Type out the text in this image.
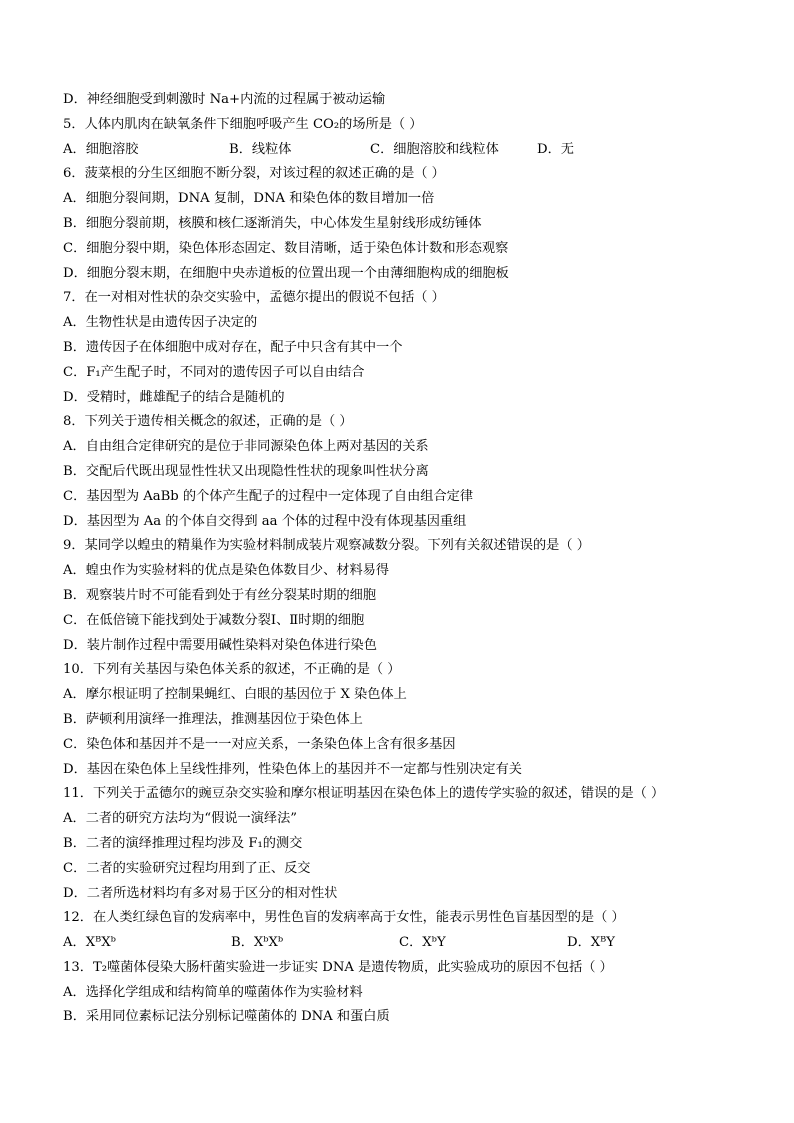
D．神经细胞受到刺激时 Na+内流的过程属于被动运输
5．人体内肌肉在缺氧条件下细胞呼吸产生 CO₂的场所是（ ）
A．细胞溶胶	B．线粒体	C．细胞溶胶和线粒体	D．无
6．菠菜根的分生区细胞不断分裂，对该过程的叙述正确的是（ ）
A．细胞分裂间期，DNA 复制，DNA 和染色体的数目增加一倍
B．细胞分裂前期，核膜和核仁逐渐消失，中心体发生星射线形成纺锤体
C．细胞分裂中期，染色体形态固定、数目清晰，适于染色体计数和形态观察
D．细胞分裂末期，在细胞中央赤道板的位置出现一个由薄细胞构成的细胞板
7．在一对相对性状的杂交实验中，孟德尔提出的假说不包括（ ）
A．生物性状是由遗传因子决定的
B．遗传因子在体细胞中成对存在，配子中只含有其中一个
C．F₁产生配子时，不同对的遗传因子可以自由结合
D．受精时，雌雄配子的结合是随机的
8．下列关于遗传相关概念的叙述，正确的是（ ）
A．自由组合定律研究的是位于非同源染色体上两对基因的关系
B．交配后代既出现显性性状又出现隐性性状的现象叫性状分离
C．基因型为 AaBb 的个体产生配子的过程中一定体现了自由组合定律
D．基因型为 Aa 的个体自交得到 aa 个体的过程中没有体现基因重组
9．某同学以蝗虫的精巢作为实验材料制成装片观察减数分裂。下列有关叙述错误的是（ ）
A．蝗虫作为实验材料的优点是染色体数目少、材料易得
B．观察装片时不可能看到处于有丝分裂某时期的细胞
C．在低倍镜下能找到处于减数分裂Ⅰ、Ⅱ时期的细胞
D．装片制作过程中需要用碱性染料对染色体进行染色
10．下列有关基因与染色体关系的叙述，不正确的是（ ）
A．摩尔根证明了控制果蝇红、白眼的基因位于 X 染色体上
B．萨顿利用演绎一推理法，推测基因位于染色体上
C．染色体和基因并不是一一对应关系，一条染色体上含有很多基因
D．基因在染色体上呈线性排列，性染色体上的基因并不一定都与性别决定有关
11．下列关于孟德尔的豌豆杂交实验和摩尔根证明基因在染色体上的遗传学实验的叙述，错误的是（ ）
A．二者的研究方法均为“假说一演绎法”
B．二者的演绎推理过程均涉及 F₁的测交
C．二者的实验研究过程均用到了正、反交
D．二者所选材料均有多对易于区分的相对性状
12．在人类红绿色盲的发病率中，男性色盲的发病率高于女性，能表示男性色盲基因型的是（ ）
A．XᴮXᵇ	B．XᵇXᵇ	C．XᵇY	D．XᴮY
13．T₂噬菌体侵染大肠杆菌实验进一步证实 DNA 是遗传物质，此实验成功的原因不包括（ ）
A．选择化学组成和结构简单的噬菌体作为实验材料
B．采用同位素标记法分别标记噬菌体的 DNA 和蛋白质
